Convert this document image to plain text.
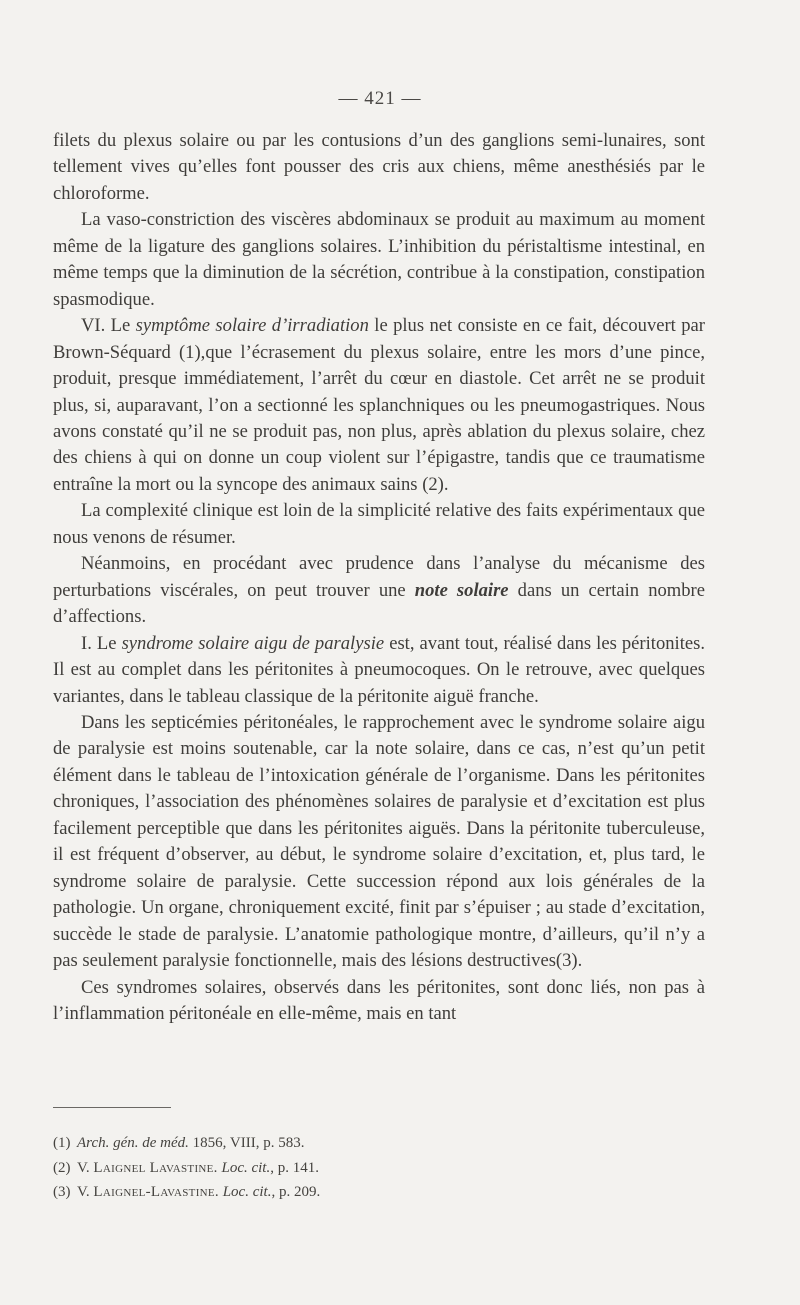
— 421 —

filets du plexus solaire ou par les contusions d’un des ganglions semi-lunaires, sont tellement vives qu’elles font pousser des cris aux chiens, même anesthésiés par le chloroforme.

La vaso-constriction des viscères abdominaux se produit au maximum au moment même de la ligature des ganglions solaires. L’inhibition du péristaltisme intestinal, en même temps que la diminution de la sécrétion, contribue à la constipation, constipation spasmodique.

VI. Le symptôme solaire d’irradiation le plus net consiste en ce fait, découvert par Brown-Séquard (1),que l’écrasement du plexus solaire, entre les mors d’une pince, produit, presque immédiatement, l’arrêt du cœur en diastole. Cet arrêt ne se produit plus, si, auparavant, l’on a sectionné les splanchniques ou les pneumogastriques. Nous avons constaté qu’il ne se produit pas, non plus, après ablation du plexus solaire, chez des chiens à qui on donne un coup violent sur l’épigastre, tandis que ce traumatisme entraîne la mort ou la syncope des animaux sains (2).

La complexité clinique est loin de la simplicité relative des faits expérimentaux que nous venons de résumer.

Néanmoins, en procédant avec prudence dans l’analyse du mécanisme des perturbations viscérales, on peut trouver une note solaire dans un certain nombre d’affections.

I. Le syndrome solaire aigu de paralysie est, avant tout, réalisé dans les péritonites. Il est au complet dans les péritonites à pneumocoques. On le retrouve, avec quelques variantes, dans le tableau classique de la péritonite aiguë franche.

Dans les septicémies péritonéales, le rapprochement avec le syndrome solaire aigu de paralysie est moins soutenable, car la note solaire, dans ce cas, n’est qu’un petit élément dans le tableau de l’intoxication générale de l’organisme. Dans les péritonites chroniques, l’association des phénomènes solaires de paralysie et d’excitation est plus facilement perceptible que dans les péritonites aiguës. Dans la péritonite tuberculeuse, il est fréquent d’observer, au début, le syndrome solaire d’excitation, et, plus tard, le syndrome solaire de paralysie. Cette succession répond aux lois générales de la pathologie. Un organe, chroniquement excité, finit par s’épuiser ; au stade d’excitation, succède le stade de paralysie. L’anatomie pathologique montre, d’ailleurs, qu’il n’y a pas seulement paralysie fonctionnelle, mais des lésions destructives(3).

Ces syndromes solaires, observés dans les péritonites, sont donc liés, non pas à l’inflammation péritonéale en elle-même, mais en tant

(1) Arch. gén. de méd. 1856, VIII, p. 583.
(2) V. Laignel Lavastine. Loc. cit., p. 141.
(3) V. Laignel-Lavastine. Loc. cit., p. 209.
